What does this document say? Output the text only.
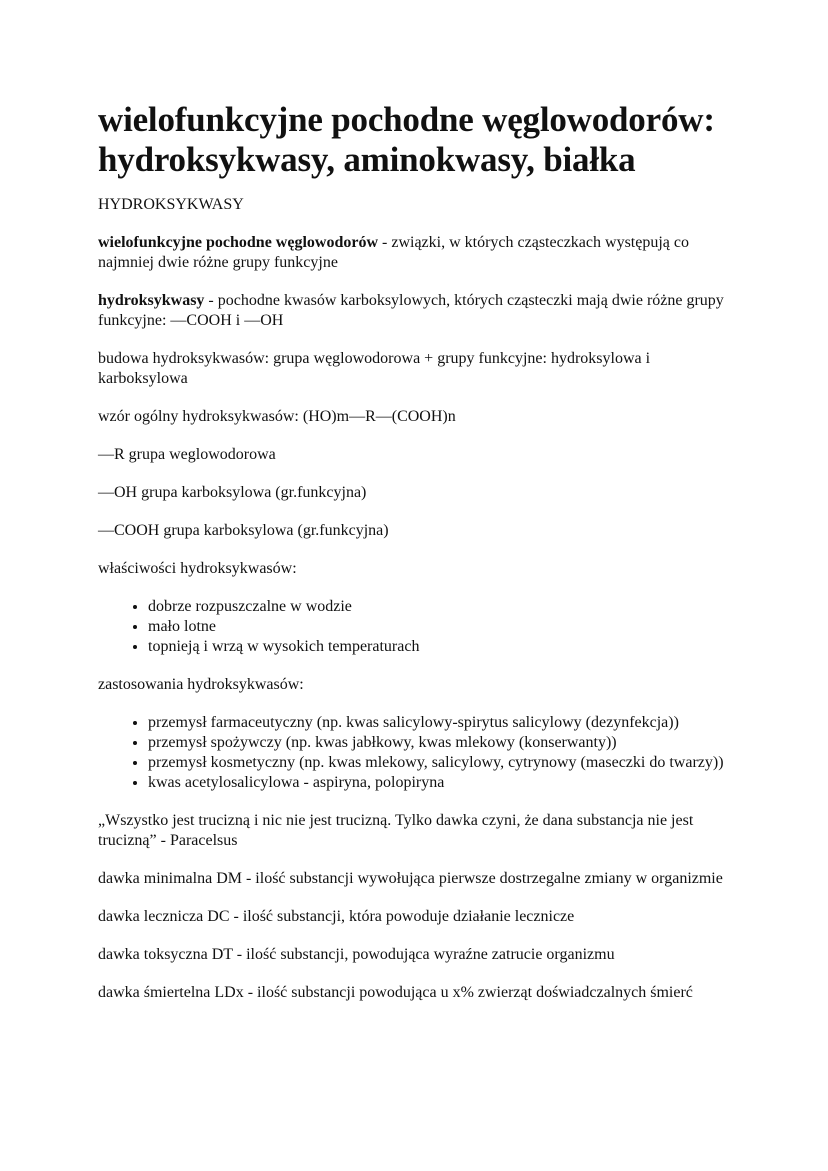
wielofunkcyjne pochodne węglowodorów:
hydroksykwasy, aminokwasy, białka

HYDROKSYKWASY

wielofunkcyjne pochodne węglowodorów - związki, w których cząsteczkach występują co najmniej dwie różne grupy funkcyjne

hydroksykwasy - pochodne kwasów karboksylowych, których cząsteczki mają dwie różne grupy funkcyjne: —COOH i —OH

budowa hydroksykwasów: grupa węglowodorowa + grupy funkcyjne: hydroksylowa i karboksylowa

wzór ogólny hydroksykwasów: (HO)m—R—(COOH)n

—R grupa weglowodorowa

—OH grupa karboksylowa (gr.funkcyjna)

—COOH grupa karboksylowa (gr.funkcyjna)

właściwości hydroksykwasów:

• dobrze rozpuszczalne w wodzie
• mało lotne
• topnieją i wrzą w wysokich temperaturach

zastosowania hydroksykwasów:

• przemysł farmaceutyczny (np. kwas salicylowy-spirytus salicylowy (dezynfekcja))
• przemysł spożywczy (np. kwas jabłkowy, kwas mlekowy (konserwanty))
• przemysł kosmetyczny (np. kwas mlekowy, salicylowy, cytrynowy (maseczki do twarzy))
• kwas acetylosalicylowa - aspiryna, polopiryna

„Wszystko jest trucizną i nic nie jest trucizną. Tylko dawka czyni, że dana substancja nie jest trucizną” - Paracelsus

dawka minimalna DM - ilość substancji wywołująca pierwsze dostrzegalne zmiany w organizmie

dawka lecznicza DC - ilość substancji, która powoduje działanie lecznicze

dawka toksyczna DT - ilość substancji, powodująca wyraźne zatrucie organizmu

dawka śmiertelna LDx - ilość substancji powodująca u x% zwierząt doświadczalnych śmierć
